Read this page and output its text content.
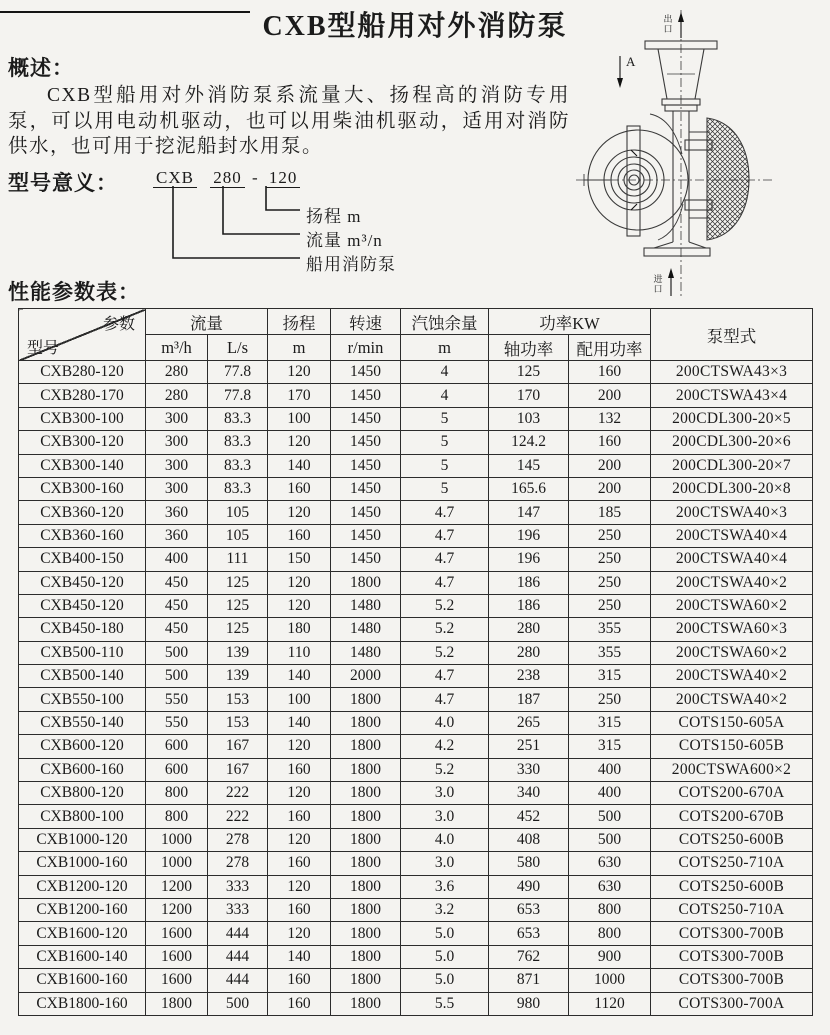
CXB型船用对外消防泵
概述：
CXB型船用对外消防泵系流量大、扬程高的消防专用泵，可以用电动机驱动，也可以用柴油机驱动，适用对消防供水，也可用于挖泥船封水用泵。
型号意义： CXB 280 - 120
扬程 m
流量 m³/n
船用消防泵
性能参数表：
出
口
A
进
口
参数
型号	流量		扬程	转速	汽蚀余量	功率KW		泵型式
	m³/h	L/s	m	r/min	m	轴功率	配用功率	
CXB280-120	280	77.8	120	1450	4	125	160	200CTSWA43×3
CXB280-170	280	77.8	170	1450	4	170	200	200CTSWA43×4
CXB300-100	300	83.3	100	1450	5	103	132	200CDL300-20×5
CXB300-120	300	83.3	120	1450	5	124.2	160	200CDL300-20×6
CXB300-140	300	83.3	140	1450	5	145	200	200CDL300-20×7
CXB300-160	300	83.3	160	1450	5	165.6	200	200CDL300-20×8
CXB360-120	360	105	120	1450	4.7	147	185	200CTSWA40×3
CXB360-160	360	105	160	1450	4.7	196	250	200CTSWA40×4
CXB400-150	400	111	150	1450	4.7	196	250	200CTSWA40×4
CXB450-120	450	125	120	1800	4.7	186	250	200CTSWA40×2
CXB450-120	450	125	120	1480	5.2	186	250	200CTSWA60×2
CXB450-180	450	125	180	1480	5.2	280	355	200CTSWA60×3
CXB500-110	500	139	110	1480	5.2	280	355	200CTSWA60×2
CXB500-140	500	139	140	2000	4.7	238	315	200CTSWA40×2
CXB550-100	550	153	100	1800	4.7	187	250	200CTSWA40×2
CXB550-140	550	153	140	1800	4.0	265	315	COTS150-605A
CXB600-120	600	167	120	1800	4.2	251	315	COTS150-605B
CXB600-160	600	167	160	1800	5.2	330	400	200CTSWA600×2
CXB800-120	800	222	120	1800	3.0	340	400	COTS200-670A
CXB800-100	800	222	160	1800	3.0	452	500	COTS200-670B
CXB1000-120	1000	278	120	1800	4.0	408	500	COTS250-600B
CXB1000-160	1000	278	160	1800	3.0	580	630	COTS250-710A
CXB1200-120	1200	333	120	1800	3.6	490	630	COTS250-600B
CXB1200-160	1200	333	160	1800	3.2	653	800	COTS250-710A
CXB1600-120	1600	444	120	1800	5.0	653	800	COTS300-700B
CXB1600-140	1600	444	140	1800	5.0	762	900	COTS300-700B
CXB1600-160	1600	444	160	1800	5.0	871	1000	COTS300-700B
CXB1800-160	1800	500	160	1800	5.5	980	1120	COTS300-700A
